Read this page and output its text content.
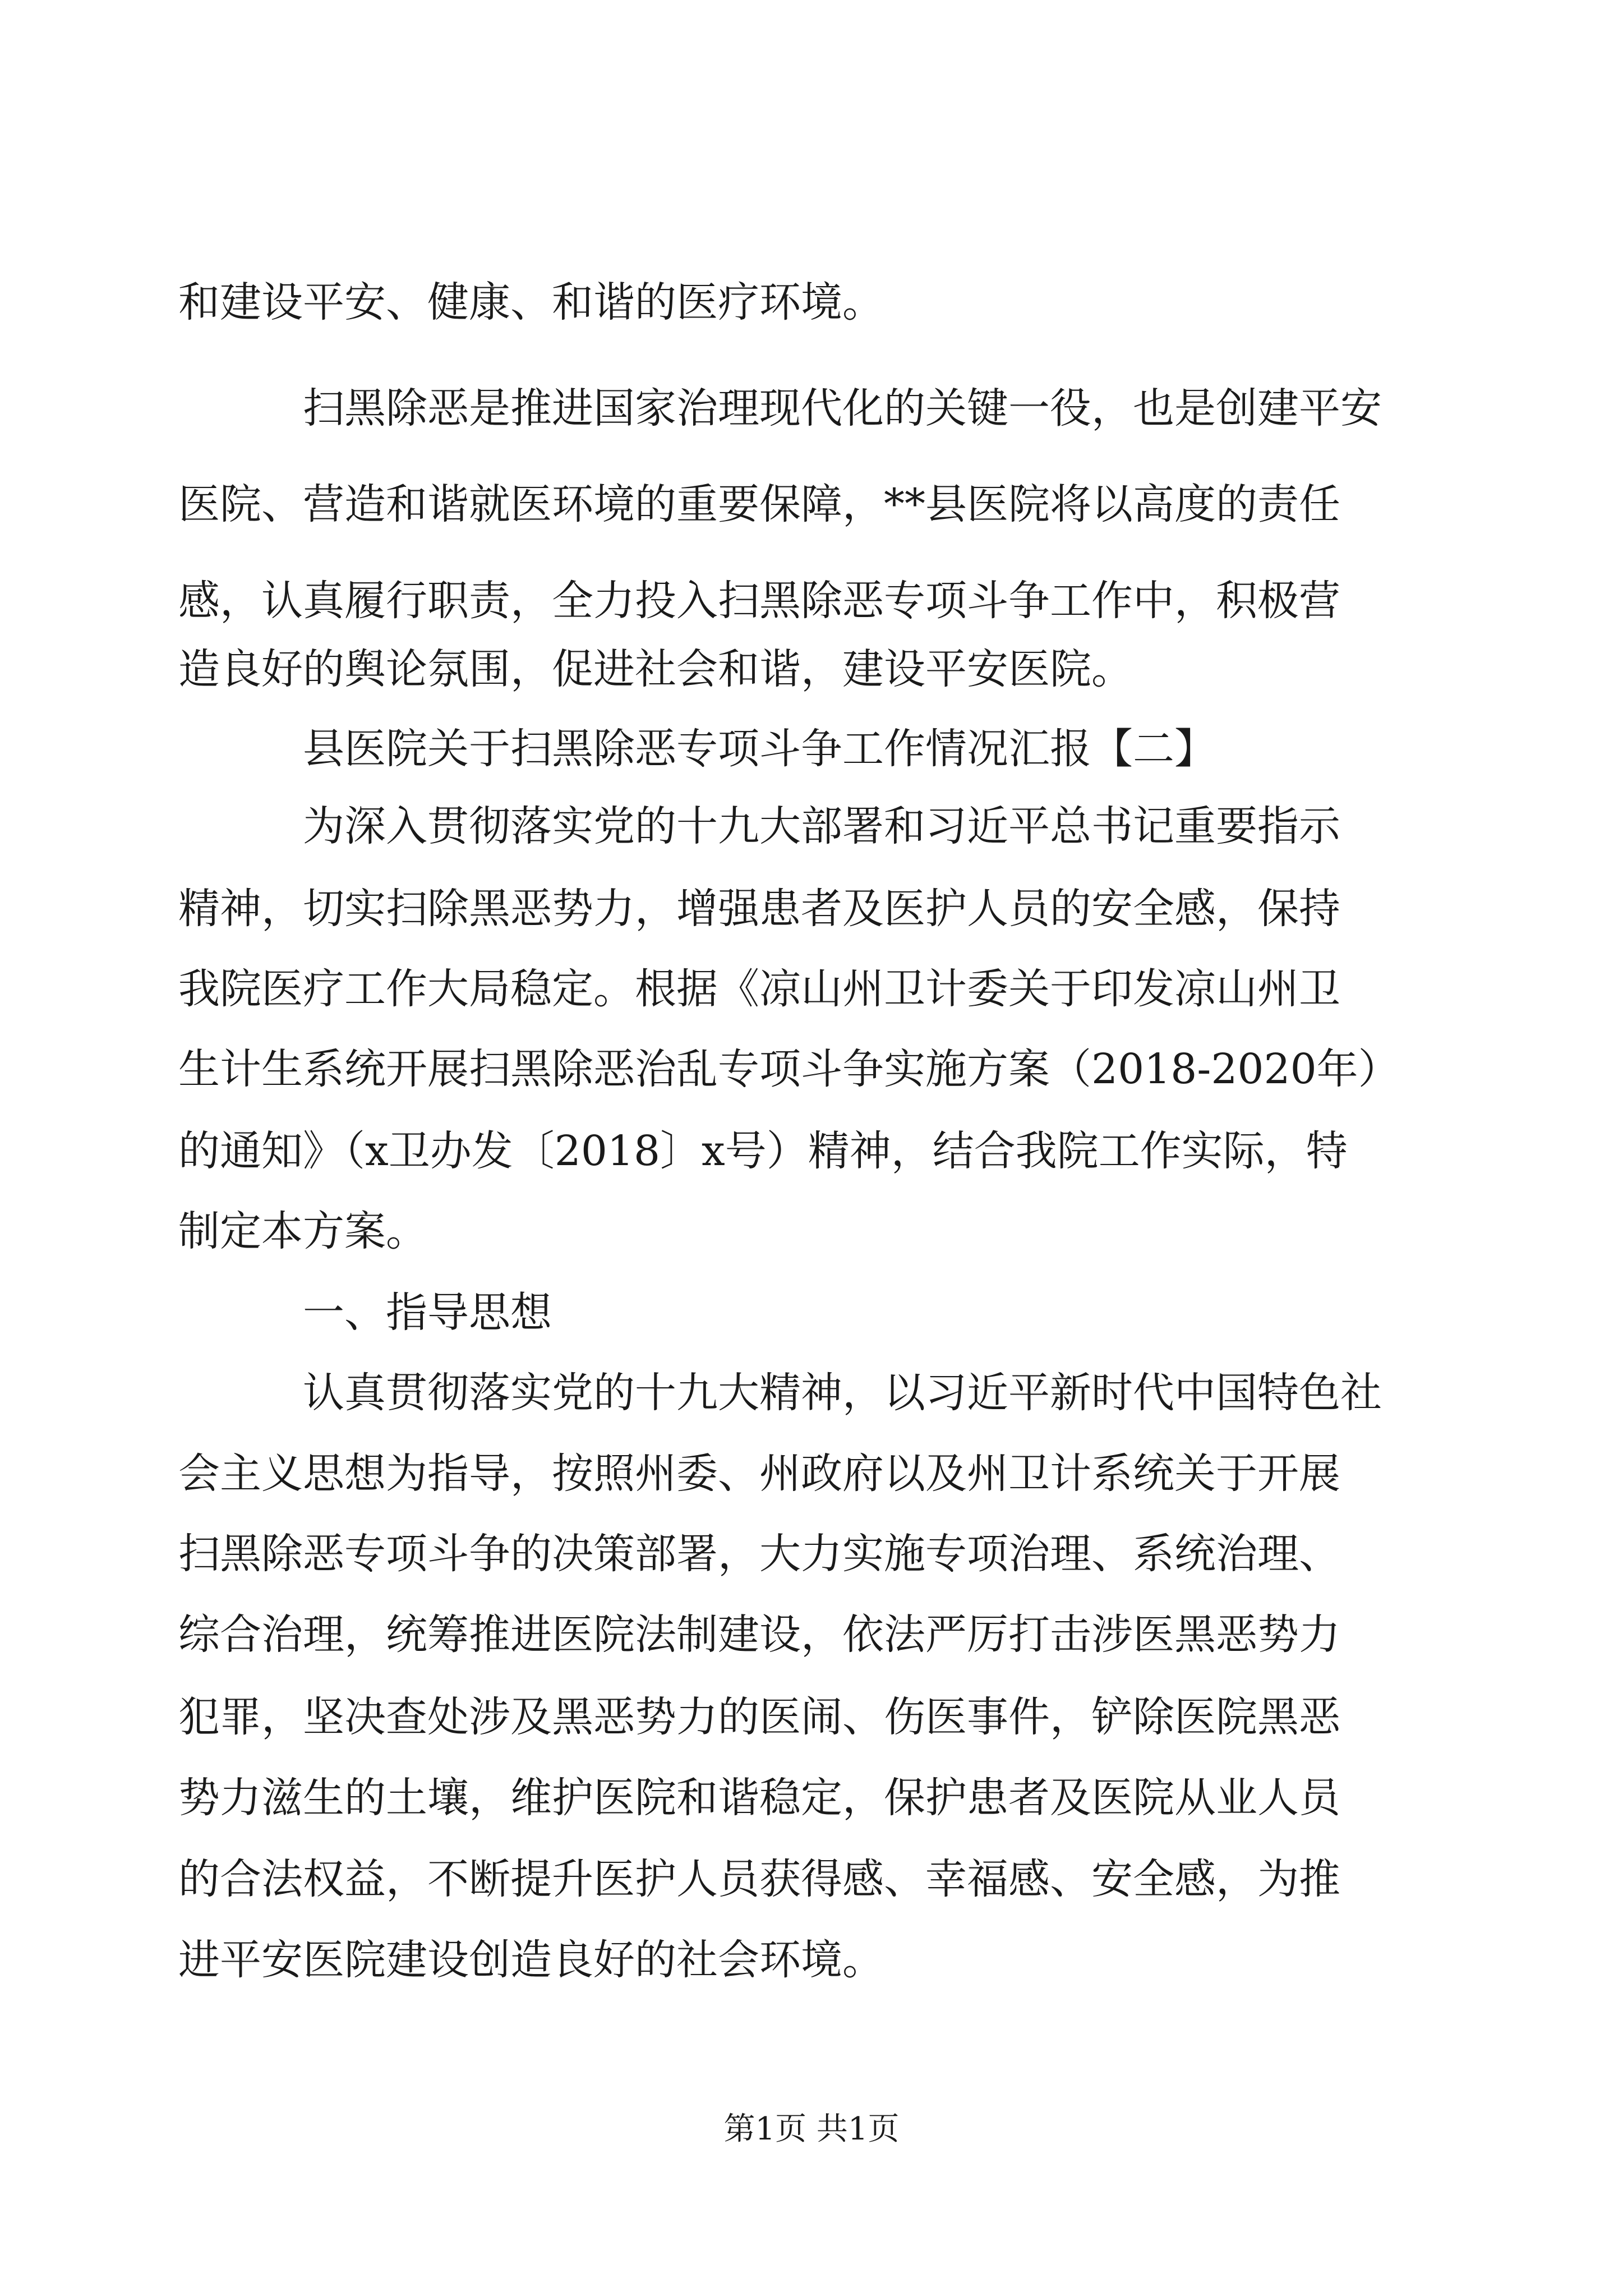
和建设平安、健康、和谐的医疗环境。
扫黑除恶是推进国家治理现代化的关键一役，也是创建平安
医院、营造和谐就医环境的重要保障，**县医院将以高度的责任
感，认真履行职责，全力投入扫黑除恶专项斗争工作中，积极营
造良好的舆论氛围，促进社会和谐，建设平安医院。
县医院关于扫黑除恶专项斗争工作情况汇报【二】
为深入贯彻落实党的十九大部署和习近平总书记重要指示
精神，切实扫除黑恶势力，增强患者及医护人员的安全感，保持
我院医疗工作大局稳定。根据《凉山州卫计委关于印发凉山州卫
生计生系统开展扫黑除恶治乱专项斗争实施方案（2018-2020年）
的通知》（x卫办发〔2018〕x号）精神，结合我院工作实际，特
制定本方案。
一、指导思想
认真贯彻落实党的十九大精神，以习近平新时代中国特色社
会主义思想为指导，按照州委、州政府以及州卫计系统关于开展
扫黑除恶专项斗争的决策部署，大力实施专项治理、系统治理、
综合治理，统筹推进医院法制建设，依法严厉打击涉医黑恶势力
犯罪，坚决查处涉及黑恶势力的医闹、伤医事件，铲除医院黑恶
势力滋生的土壤，维护医院和谐稳定，保护患者及医院从业人员
的合法权益，不断提升医护人员获得感、幸福感、安全感，为推
进平安医院建设创造良好的社会环境。
第1页 共1页
